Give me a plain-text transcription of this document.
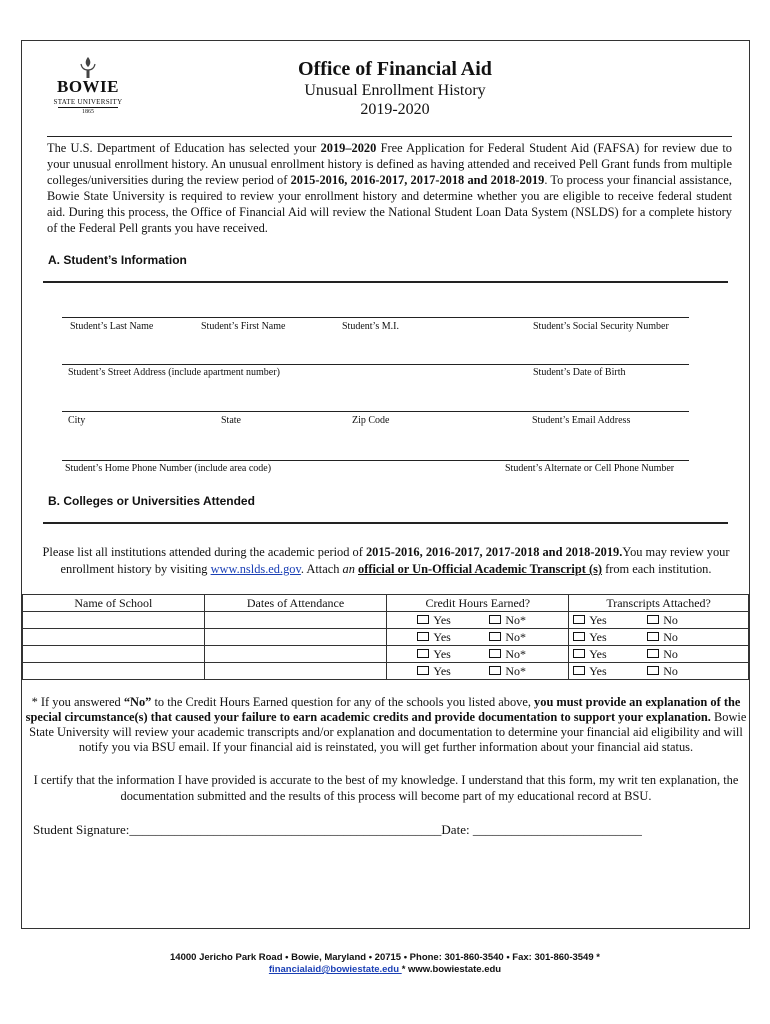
BOWIE
STATE UNIVERSITY
1865
Office of Financial Aid
Unusual Enrollment History
2019-2020
The U.S. Department of Education has selected your 2019–2020 Free Application for Federal Student Aid (FAFSA) for review due to your unusual enrollment history. An unusual enrollment history is defined as having attended and received Pell Grant funds from multiple colleges/universities during the review period of 2015-2016, 2016-2017, 2017-2018 and 2018-2019. To process your financial assistance, Bowie State University is required to review your enrollment history and determine whether you are eligible to receive federal student aid. During this process, the Office of Financial Aid will review the National Student Loan Data System (NSLDS) for a complete history of the Federal Pell grants you have received.
A. Student’s Information
Student’s Last Name	Student’s First Name	Student’s M.I.	Student’s Social Security Number
Student’s Street Address (include apartment number)	Student’s Date of Birth
City	State	Zip Code	Student’s Email Address
Student’s Home Phone Number (include area code)	Student’s Alternate or Cell Phone Number
B. Colleges or Universities Attended
Please list all institutions attended during the academic period of 2015-2016, 2016-2017, 2017-2018 and 2018-2019.You may review your enrollment history by visiting www.nslds.ed.gov. Attach an official or Un-Official Academic Transcript (s) from each institution.
Name of School	Dates of Attendance	Credit Hours Earned?	Transcripts Attached?
		Yes No*	Yes No
		Yes No*	Yes No
		Yes No*	Yes No
		Yes No*	Yes No
* If you answered “No” to the Credit Hours Earned question for any of the schools you listed above, you must provide an explanation of the special circumstance(s) that caused your failure to earn academic credits and provide documentation to support your explanation. Bowie State University will review your academic transcripts and/or explanation and documentation to determine your financial aid eligibility and will notify you via BSU email. If your financial aid is reinstated, you will get further information about your financial aid status.
I certify that the information I have provided is accurate to the best of my knowledge. I understand that this form, my writ ten explanation, the documentation submitted and the results of this process will become part of my educational record at BSU.
Student Signature:________________________________________________Date: __________________________
14000 Jericho Park Road • Bowie, Maryland • 20715 • Phone: 301-860-3540 • Fax: 301-860-3549 *
financialaid@bowiestate.edu * www.bowiestate.edu
